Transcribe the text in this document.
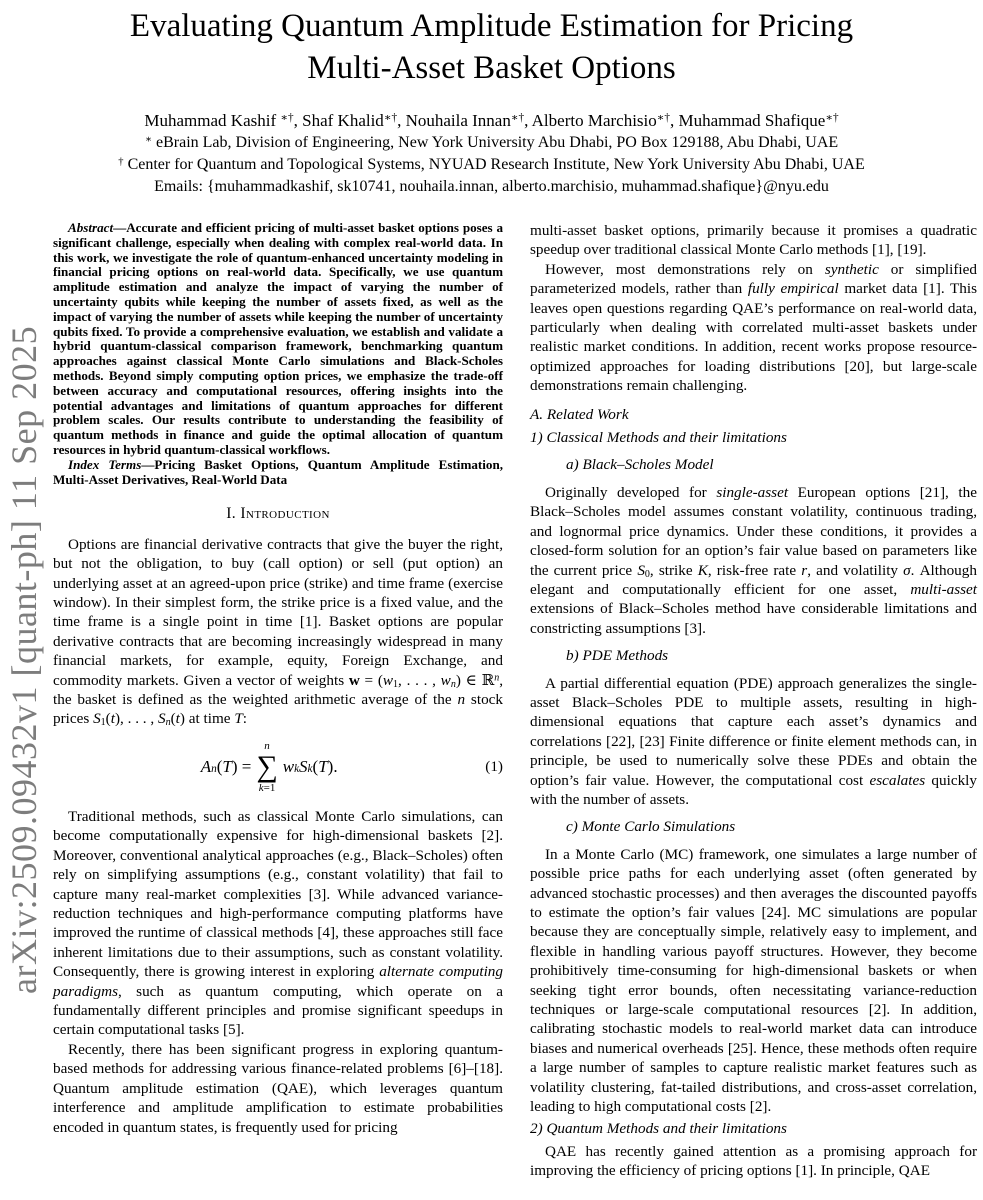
arXiv:2509.09432v1 [quant-ph] 11 Sep 2025
Evaluating Quantum Amplitude Estimation for Pricing
Multi-Asset Basket Options
Muhammad Kashif ∗†, Shaf Khalid∗†, Nouhaila Innan∗†, Alberto Marchisio∗†, Muhammad Shafique∗†
∗ eBrain Lab, Division of Engineering, New York University Abu Dhabi, PO Box 129188, Abu Dhabi, UAE
† Center for Quantum and Topological Systems, NYUAD Research Institute, New York University Abu Dhabi, UAE
Emails: {muhammadkashif, sk10741, nouhaila.innan, alberto.marchisio, muhammad.shafique}@nyu.edu

Abstract—Accurate and efficient pricing of multi-asset basket options poses a significant challenge, especially when dealing with complex real-world data. In this work, we investigate the role of quantum-enhanced uncertainty modeling in financial pricing options on real-world data. Specifically, we use quantum amplitude estimation and analyze the impact of varying the number of uncertainty qubits while keeping the number of assets fixed, as well as the impact of varying the number of assets while keeping the number of uncertainty qubits fixed. To provide a comprehensive evaluation, we establish and validate a hybrid quantum-classical comparison framework, benchmarking quantum approaches against classical Monte Carlo simulations and Black-Scholes methods. Beyond simply computing option prices, we emphasize the trade-off between accuracy and computational resources, offering insights into the potential advantages and limitations of quantum approaches for different problem scales. Our results contribute to understanding the feasibility of quantum methods in finance and guide the optimal allocation of quantum resources in hybrid quantum-classical workflows.

Index Terms—Pricing Basket Options, Quantum Amplitude Estimation, Multi-Asset Derivatives, Real-World Data

I. Introduction

Options are financial derivative contracts that give the buyer the right, but not the obligation, to buy (call option) or sell (put option) an underlying asset at an agreed-upon price (strike) and time frame (exercise window). In their simplest form, the strike price is a fixed value, and the time frame is a single point in time [1]. Basket options are popular derivative contracts that are becoming increasingly widespread in many financial markets, for example, equity, Foreign Exchange, and commodity markets. Given a vector of weights $w = (w_1$, . . . , $w_n$) ∈ ℝ$^n$, the basket is defined as the weighted arithmetic average of the n stock prices $S_1(t)$, . . . , $S_n(t)$ at time T:

A n ( T ) =
n
∑
k=1
w k S k ( T ).	(1)

Traditional methods, such as classical Monte Carlo simulations, can become computationally expensive for high-dimensional baskets [2]. Moreover, conventional analytical approaches (e.g., Black–Scholes) often rely on simplifying assumptions (e.g., constant volatility) that fail to capture many real-market complexities [3]. While advanced variance-reduction techniques and high-performance computing platforms have improved the runtime of classical methods [4], these approaches still face inherent limitations due to their assumptions, such as constant volatility. Consequently, there is growing interest in exploring alternate computing paradigms, such as quantum computing, which operate on a fundamentally different principles and promise significant speedups in certain computational tasks [5].

Recently, there has been significant progress in exploring quantum-based methods for addressing various finance-related problems [6]–[18]. Quantum amplitude estimation (QAE), which leverages quantum interference and amplitude amplification to estimate probabilities encoded in quantum states, is frequently used for pricing

multi-asset basket options, primarily because it promises a quadratic speedup over traditional classical Monte Carlo methods [1], [19].

However, most demonstrations rely on synthetic or simplified parameterized models, rather than fully empirical market data [1]. This leaves open questions regarding QAE’s performance on real-world data, particularly when dealing with correlated multi-asset baskets under realistic market conditions. In addition, recent works propose resource-optimized approaches for loading distributions [20], but large-scale demonstrations remain challenging.

A. Related Work
1) Classical Methods and their limitations
a) Black–Scholes Model

Originally developed for single-asset European options [21], the Black–Scholes model assumes constant volatility, continuous trading, and lognormal price dynamics. Under these conditions, it provides a closed-form solution for an option’s fair value based on parameters like the current price $S_0$, strike K, risk-free rate r, and volatility σ. Although elegant and computationally efficient for one asset, multi-asset extensions of Black–Scholes method have considerable limitations and constricting assumptions [3].

b) PDE Methods

A partial differential equation (PDE) approach generalizes the single-asset Black–Scholes PDE to multiple assets, resulting in high-dimensional equations that capture each asset’s dynamics and correlations [22], [23] Finite difference or finite element methods can, in principle, be used to numerically solve these PDEs and obtain the option’s fair value. However, the computational cost escalates quickly with the number of assets.

c) Monte Carlo Simulations

In a Monte Carlo (MC) framework, one simulates a large number of possible price paths for each underlying asset (often generated by advanced stochastic processes) and then averages the discounted payoffs to estimate the option’s fair values [24]. MC simulations are popular because they are conceptually simple, relatively easy to implement, and flexible in handling various payoff structures. However, they become prohibitively time-consuming for high-dimensional baskets or when seeking tight error bounds, often necessitating variance-reduction techniques or large-scale computational resources [2]. In addition, calibrating stochastic models to real-world market data can introduce biases and numerical overheads [25]. Hence, these methods often require a large number of samples to capture realistic market features such as volatility clustering, fat-tailed distributions, and cross-asset correlation, leading to high computational costs [2].

2) Quantum Methods and their limitations

QAE has recently gained attention as a promising approach for improving the efficiency of pricing options [1]. In principle, QAE
